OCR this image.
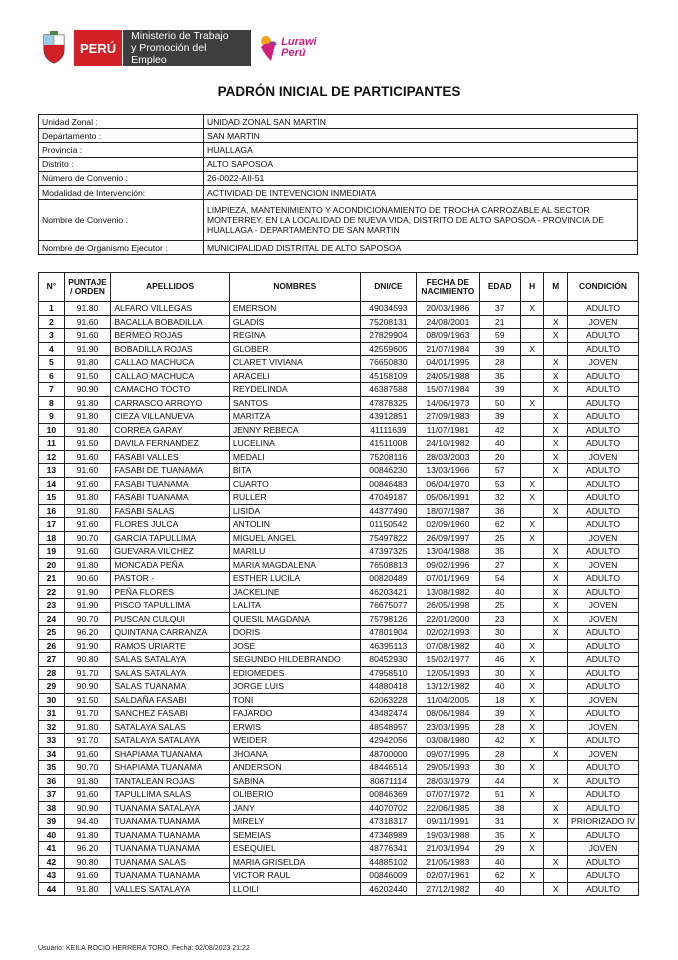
PERÚ
Ministerio de Trabajo
y Promoción del Empleo
Lurawi
Perú
PADRÓN INICIAL DE PARTICIPANTES
Unidad Zonal :	UNIDAD ZONAL SAN MARTIN
Departamento :	SAN MARTIN
Provincia :	HUALLAGA
Distrito :	ALTO SAPOSOA
Número de Convenio :	26-0022-AII-51
Modalidad de Intervención:	ACTIVIDAD DE INTEVENCION INMEDIATA
Nombre de Convenio :	LIMPIEZA, MANTENIMIENTO Y ACONDICIONAMIENTO DE TROCHA CARROZABLE AL SECTOR MONTERREY, EN LA LOCALIDAD DE NUEVA VIDA, DISTRITO DE ALTO SAPOSOA - PROVINCIA DE HUALLAGA - DEPARTAMENTO DE SAN MARTIN
Nombre de Organismo Ejecutor :	MUNICIPALIDAD DISTRITAL DE ALTO SAPOSOA
N°	PUNTAJE / ORDEN	APELLIDOS	NOMBRES	DNI/CE	FECHA DE NACIMIENTO	EDAD	H	M	CONDICIÓN
1	91.80	ALFARO VILLEGAS	EMERSON	49034593	20/03/1986	37	X		ADULTO
2	91.60	BACALLA BOBADILLA	GLADIS	75208131	24/08/2001	21		X	JOVEN
3	91.60	BERMEO ROJAS	REGINA	27829904	08/09/1963	59		X	ADULTO
4	91.90	BOBADILLA ROJAS	GLOBER	42559605	21/07/1984	39	X		ADULTO
5	91.80	CALLAO MACHUCA	CLARET VIVIANA	76650830	04/01/1995	28		X	JOVEN
6	91.50	CALLAO MACHUCA	ARACELI	45158109	24/05/1988	35		X	ADULTO
7	90.90	CAMACHO TOCTO	REYDELINDA	46387588	15/07/1984	39		X	ADULTO
8	91.80	CARRASCO ARROYO	SANTOS	47878325	14/06/1973	50	X		ADULTO
9	91.80	CIEZA VILLANUEVA	MARITZA	43912851	27/09/1983	39		X	ADULTO
10	91.80	CORREA GARAY	JENNY REBECA	41111639	11/07/1981	42		X	ADULTO
11	91.50	DAVILA FERNANDEZ	LUCELINA	41511008	24/10/1982	40		X	ADULTO
12	91.60	FASABI VALLES	MEDALI	75208116	28/03/2003	20		X	JOVEN
13	91.60	FASABI DE TUANAMA	BITA	00846230	13/03/1966	57		X	ADULTO
14	91.60	FASABI TUANAMA	CUARTO	00846483	06/04/1970	53	X		ADULTO
15	91.80	FASABI TUANAMA	RULLER	47049187	05/06/1991	32	X		ADULTO
16	91.80	FASABI SALAS	LISIDA	44377490	18/07/1987	36		X	ADULTO
17	91.60	FLORES JULCA	ANTOLIN	01150542	02/09/1960	62	X		ADULTO
18	90.70	GARCIA TAPULLIMA	MIGUEL ANGEL	75497822	26/09/1997	25	X		JOVEN
19	91.60	GUEVARA VILCHEZ	MARILU	47397325	13/04/1988	35		X	ADULTO
20	91.80	MONCADA PEÑA	MARIA MAGDALENA	76508813	09/02/1996	27		X	JOVEN
21	90.60	PASTOR -	ESTHER LUCILA	00820489	07/01/1969	54		X	ADULTO
22	91.90	PEÑA FLORES	JACKELINE	46203421	13/08/1982	40		X	ADULTO
23	91.90	PISCO TAPULLIMA	LALITA	76675077	26/05/1998	25		X	JOVEN
24	90.70	PUSCAN CULQUI	QUESIL MAGDANA	75798126	22/01/2000	23		X	JOVEN
25	96.20	QUINTANA CARRANZA	DORIS	47801904	02/02/1993	30		X	ADULTO
26	91.90	RAMOS URIARTE	JOSE	46395113	07/08/1982	40	X		ADULTO
27	90.80	SALAS SATALAYA	SEGUNDO HILDEBRANDO	80452930	15/02/1977	46	X		ADULTO
28	91.70	SALAS SATALAYA	EDIOMEDES	47958510	12/05/1993	30	X		ADULTO
29	90.90	SALAS TUANAMA	JORGE LUIS	44880418	13/12/1982	40	X		ADULTO
30	91.50	SALDAÑA FASABI	TONI	62063228	11/04/2005	18	X		JOVEN
31	91.70	SANCHEZ FASABI	FAJARDO	43482474	08/06/1984	39	X		ADULTO
32	91.80	SATALAYA SALAS	ERWIS	48548957	23/03/1995	28	X		JOVEN
33	91.70	SATALAYA SATALAYA	WEIDER	42942056	03/08/1980	42	X		ADULTO
34	91.60	SHAPIAMA TUANAMA	JHOANA	48700000	09/07/1995	28		X	JOVEN
35	90.70	SHAPIAMA TUANAMA	ANDERSON	48446514	29/05/1993	30	X		ADULTO
36	91.80	TANTALEAN ROJAS	SABINA	80671114	28/03/1979	44		X	ADULTO
37	91.60	TAPULLIMA SALAS	OLIBERIO	00846369	07/07/1972	51	X		ADULTO
38	90.90	TUANAMA SATALAYA	JANY	44070702	22/06/1985	38		X	ADULTO
39	94.40	TUANAMA TUANAMA	MIRELY	47318317	09/11/1991	31		X	PRIORIZADO IV
40	91.80	TUANAMA TUANAMA	SEMEIAS	47348989	19/03/1988	35	X		ADULTO
41	96.20	TUANAMA TUANAMA	ESEQUIEL	48776341	21/03/1994	29	X		JOVEN
42	90.80	TUANAMA SALAS	MARIA GRISELDA	44885102	21/05/1983	40		X	ADULTO
43	91.60	TUANAMA TUANAMA	VICTOR RAUL	00846009	02/07/1961	62	X		ADULTO
44	91.80	VALLES SATALAYA	LLOILI	46202440	27/12/1982	40		X	ADULTO
Usuario: KEILA ROCIO HERRERA TORO, Fecha: 02/08/2023 21:22
